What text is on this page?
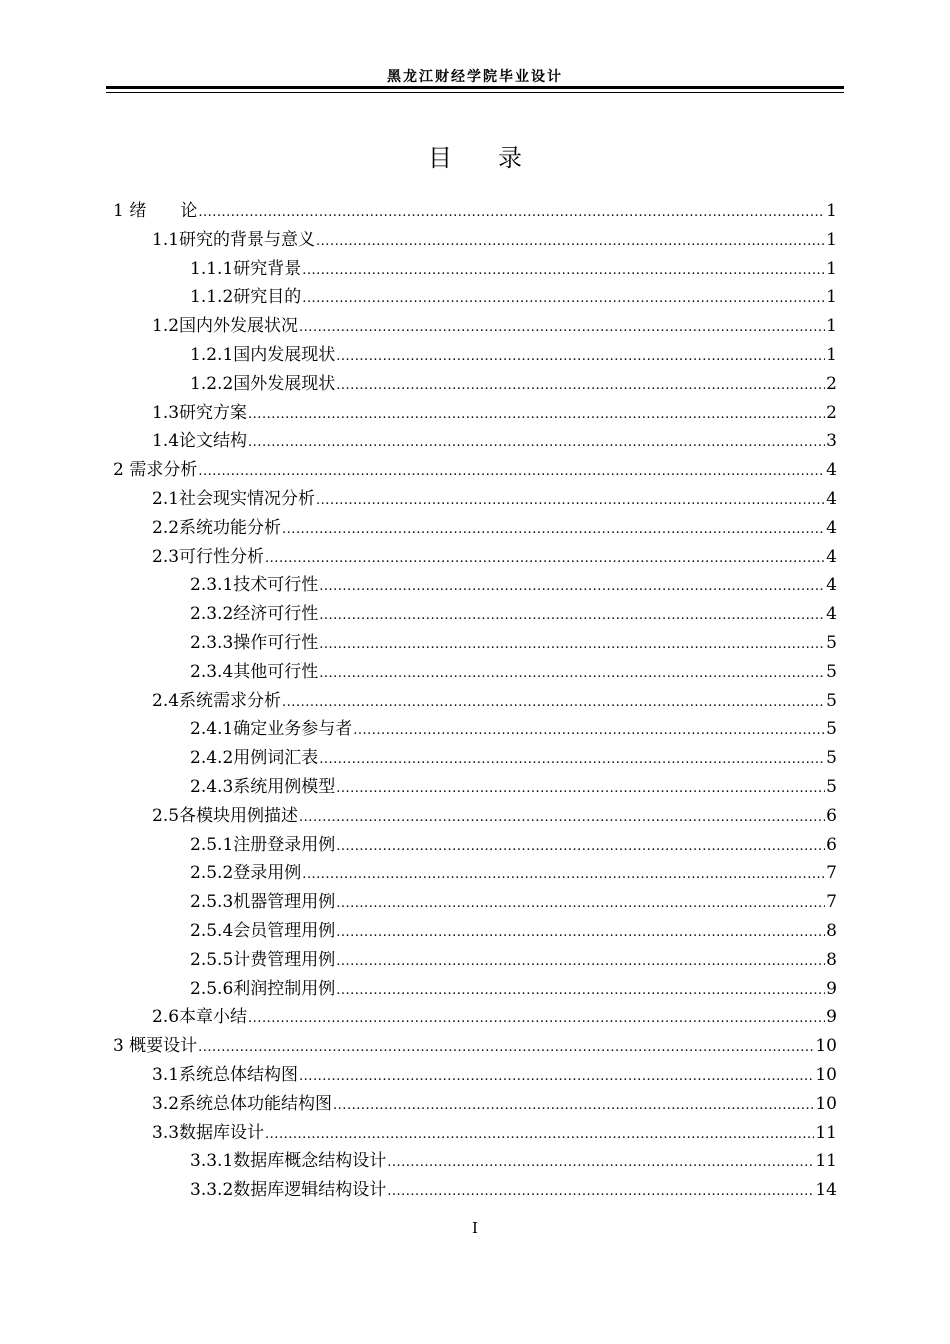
黑龙江财经学院毕业设计
目录
1 绪　　论 .....	1
1.1 研究的背景与意义 .....	1
1.1.1 研究背景 .....	1
1.1.2 研究目的 .....	1
1.2 国内外发展状况 .....	1
1.2.1 国内发展现状 .....	1
1.2.2 国外发展现状 .....	2
1.3 研究方案 .....	2
1.4 论文结构 .....	3
2 需求分析 .....	4
2.1 社会现实情况分析 .....	4
2.2 系统功能分析 .....	4
2.3 可行性分析 .....	4
2.3.1 技术可行性 .....	4
2.3.2 经济可行性 .....	4
2.3.3 操作可行性 .....	5
2.3.4 其他可行性 .....	5
2.4 系统需求分析 .....	5
2.4.1 确定业务参与者 .....	5
2.4.2 用例词汇表 .....	5
2.4.3 系统用例模型 .....	5
2.5 各模块用例描述 .....	6
2.5.1 注册登录用例 .....	6
2.5.2 登录用例 .....	7
2.5.3 机器管理用例 .....	7
2.5.4 会员管理用例 .....	8
2.5.5 计费管理用例 .....	8
2.5.6 利润控制用例 .....	9
2.6 本章小结 .....	9
3 概要设计 .....	10
3.1 系统总体结构图 .....	10
3.2 系统总体功能结构图 .....	10
3.3 数据库设计 .....	11
3.3.1 数据库概念结构设计 .....	11
3.3.2 数据库逻辑结构设计 .....	14
I
